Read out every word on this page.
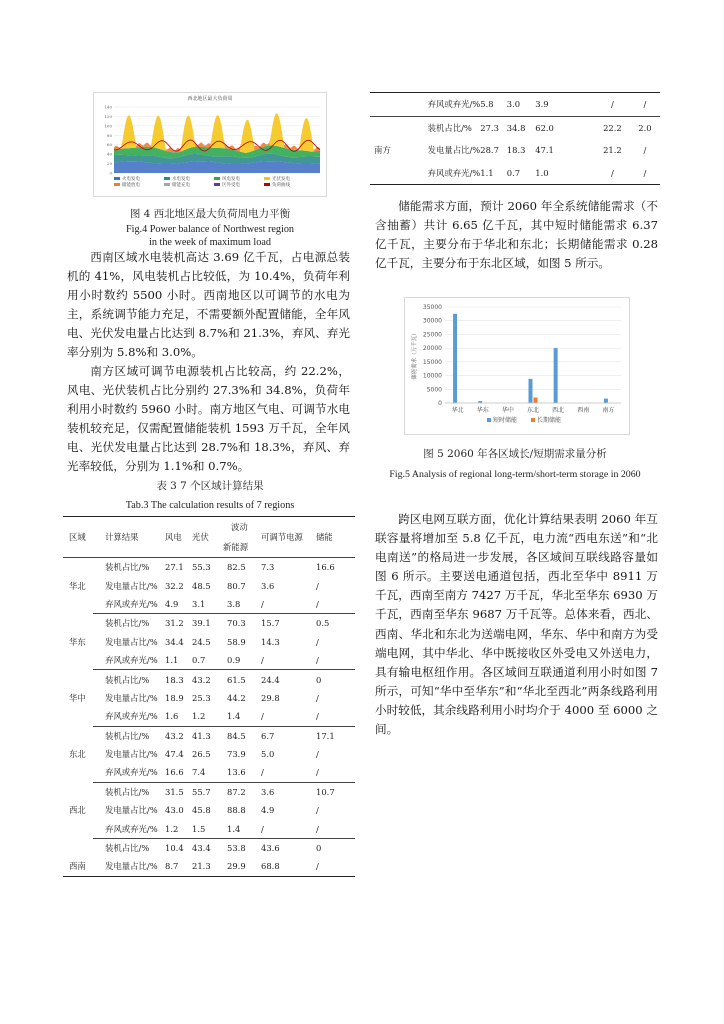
西北地区最大负荷周
0
20
40
60
80
100
120
140
火电发电	水电发电	风电发电	光伏发电储能放电	储能充电	区外受电	负荷曲线
图 4 西北地区最大负荷周电力平衡
Fig.4 Power balance of Northwest region
in the week of maximum load
西南区域水电装机高达 3.69 亿千瓦，占电源总装机的 41%，风电装机占比较低，为 10.4%，负荷年利用小时数约 5500 小时。西南地区以可调节的水电为主，系统调节能力充足，不需要额外配置储能，全年风电、光伏发电量占比达到 8.7%和 21.3%，弃风、弃光率分别为 5.8%和 3.0%。
南方区域可调节电源装机占比较高，约 22.2%，风电、光伏装机占比分别约 27.3%和 34.8%，负荷年利用小时数约 5960 小时。南方地区气电、可调节水电装机较充足，仅需配置储能装机 1593 万千瓦，全年风电、光伏发电量占比达到 28.7%和 18.3%，弃风、弃光率较低，分别为 1.1%和 0.7%。
表 3 7 个区域计算结果
Tab.3 The calculation results of 7 regions
区域	计算结果	风电	光伏	波动
新能源	可调节电源	储能
	装机占比/%	27.1	55.3	82.5	7.3	16.6
华北	发电量占比/%	32.2	48.5	80.7	3.6	/
	弃风或弃光/%	4.9	3.1	3.8	/	/
	装机占比/%	31.2	39.1	70.3	15.7	0.5
华东	发电量占比/%	34.4	24.5	58.9	14.3	/
	弃风或弃光/%	1.1	0.7	0.9	/	/
	装机占比/%	18.3	43.2	61.5	24.4	0
华中	发电量占比/%	18.9	25.3	44.2	29.8	/
	弃风或弃光/%	1.6	1.2	1.4	/	/
	装机占比/%	43.2	41.3	84.5	6.7	17.1
东北	发电量占比/%	47.4	26.5	73.9	5.0	/
	弃风或弃光/%	16.6	7.4	13.6	/	/
	装机占比/%	31.5	55.7	87.2	3.6	10.7
西北	发电量占比/%	43.0	45.8	88.8	4.9	/
	弃风或弃光/%	1.2	1.5	1.4	/	/
	装机占比/%	10.4	43.4	53.8	43.6	0
西南	发电量占比/%	8.7	21.3	29.9	68.8	/
	弃风或弃光/%	5.8	3.0	3.9	/	/
	装机占比/%	27.3	34.8	62.0	22.2	2.0
南方	发电量占比/%	28.7	18.3	47.1	21.2	/
	弃风或弃光/%	1.1	0.7	1.0	/	/
储能需求方面，预计 2060 年全系统储能需求（不含抽蓄）共计 6.65 亿千瓦，其中短时储能需求 6.37 亿千瓦，主要分布于华北和东北；长期储能需求 0.28 亿千瓦，主要分布于东北区域，如图 5 所示。
0
5000
10000
15000
20000
25000
30000
35000
储能需求（万千瓦）
华北 华东 华中 东北 西北 西南 南方
短时储能	长期储能
图 5 2060 年各区域长/短期需求量分析
Fig.5 Analysis of regional long-term/short-term storage in 2060
跨区电网互联方面，优化计算结果表明 2060 年互联容量将增加至 5.8 亿千瓦，电力流“西电东送”和“北电南送”的格局进一步发展，各区域间互联线路容量如图 6 所示。主要送电通道包括，西北至华中 8911 万千瓦，西南至南方 7427 万千瓦，华北至华东 6930 万千瓦，西南至华东 9687 万千瓦等。总体来看，西北、西南、华北和东北为送端电网，华东、华中和南方为受端电网，其中华北、华中既接收区外受电又外送电力，具有输电枢纽作用。各区域间互联通道利用小时如图 7 所示，可知“华中至华东”和“华北至西北”两条线路利用小时较低，其余线路利用小时均介于 4000 至 6000 之间。
